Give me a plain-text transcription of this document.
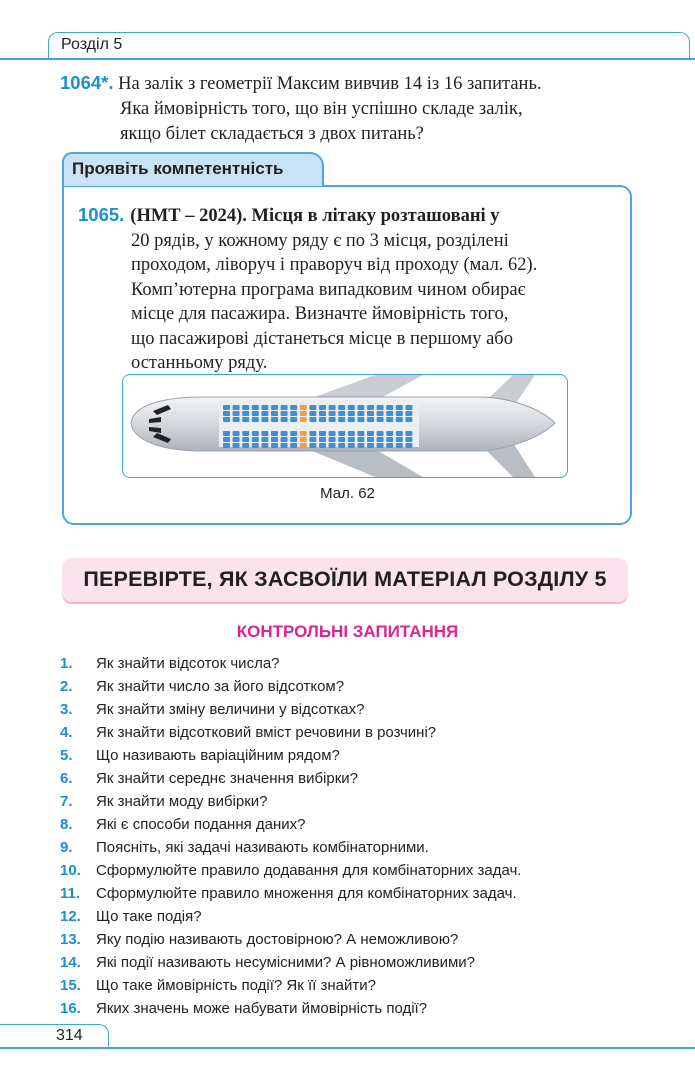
Розділ 5
1064*. На залік з геометрії Максим вивчив 14 із 16 запитань.
Яка ймовірність того, що він успішно складе залік,
якщо білет складається з двох питань?
Проявіть компетентність
1065. (НМТ – 2024). Місця в літаку розташовані у
20 рядів, у кожному ряду є по 3 місця, розділені
проходом, ліворуч і праворуч від проходу (мал. 62).
Комп’ютерна програма випадковим чином обирає
місце для пасажира. Визначте ймовірність того,
що пасажирові дістанеться місце в першому або
останньому ряду.
Мал. 62
ПЕРЕВІРТЕ, ЯК ЗАСВОЇЛИ МАТЕРІАЛ РОЗДІЛУ 5
КОНТРОЛЬНІ ЗАПИТАННЯ
1. Як знайти відсоток числа?
2. Як знайти число за його відсотком?
3. Як знайти зміну величини у відсотках?
4. Як знайти відсотковий вміст речовини в розчині?
5. Що називають варіаційним рядом?
6. Як знайти середнє значення вибірки?
7. Як знайти моду вибірки?
8. Які є способи подання даних?
9. Поясніть, які задачі називають комбінаторними.
10. Сформулюйте правило додавання для комбінаторних задач.
11. Сформулюйте правило множення для комбінаторних задач.
12. Що таке подія?
13. Яку подію називають достовірною? А неможливою?
14. Які події називають несумісними? А рівноможливими?
15. Що таке ймовірність події? Як її знайти?
16. Яких значень може набувати ймовірність події?
314
